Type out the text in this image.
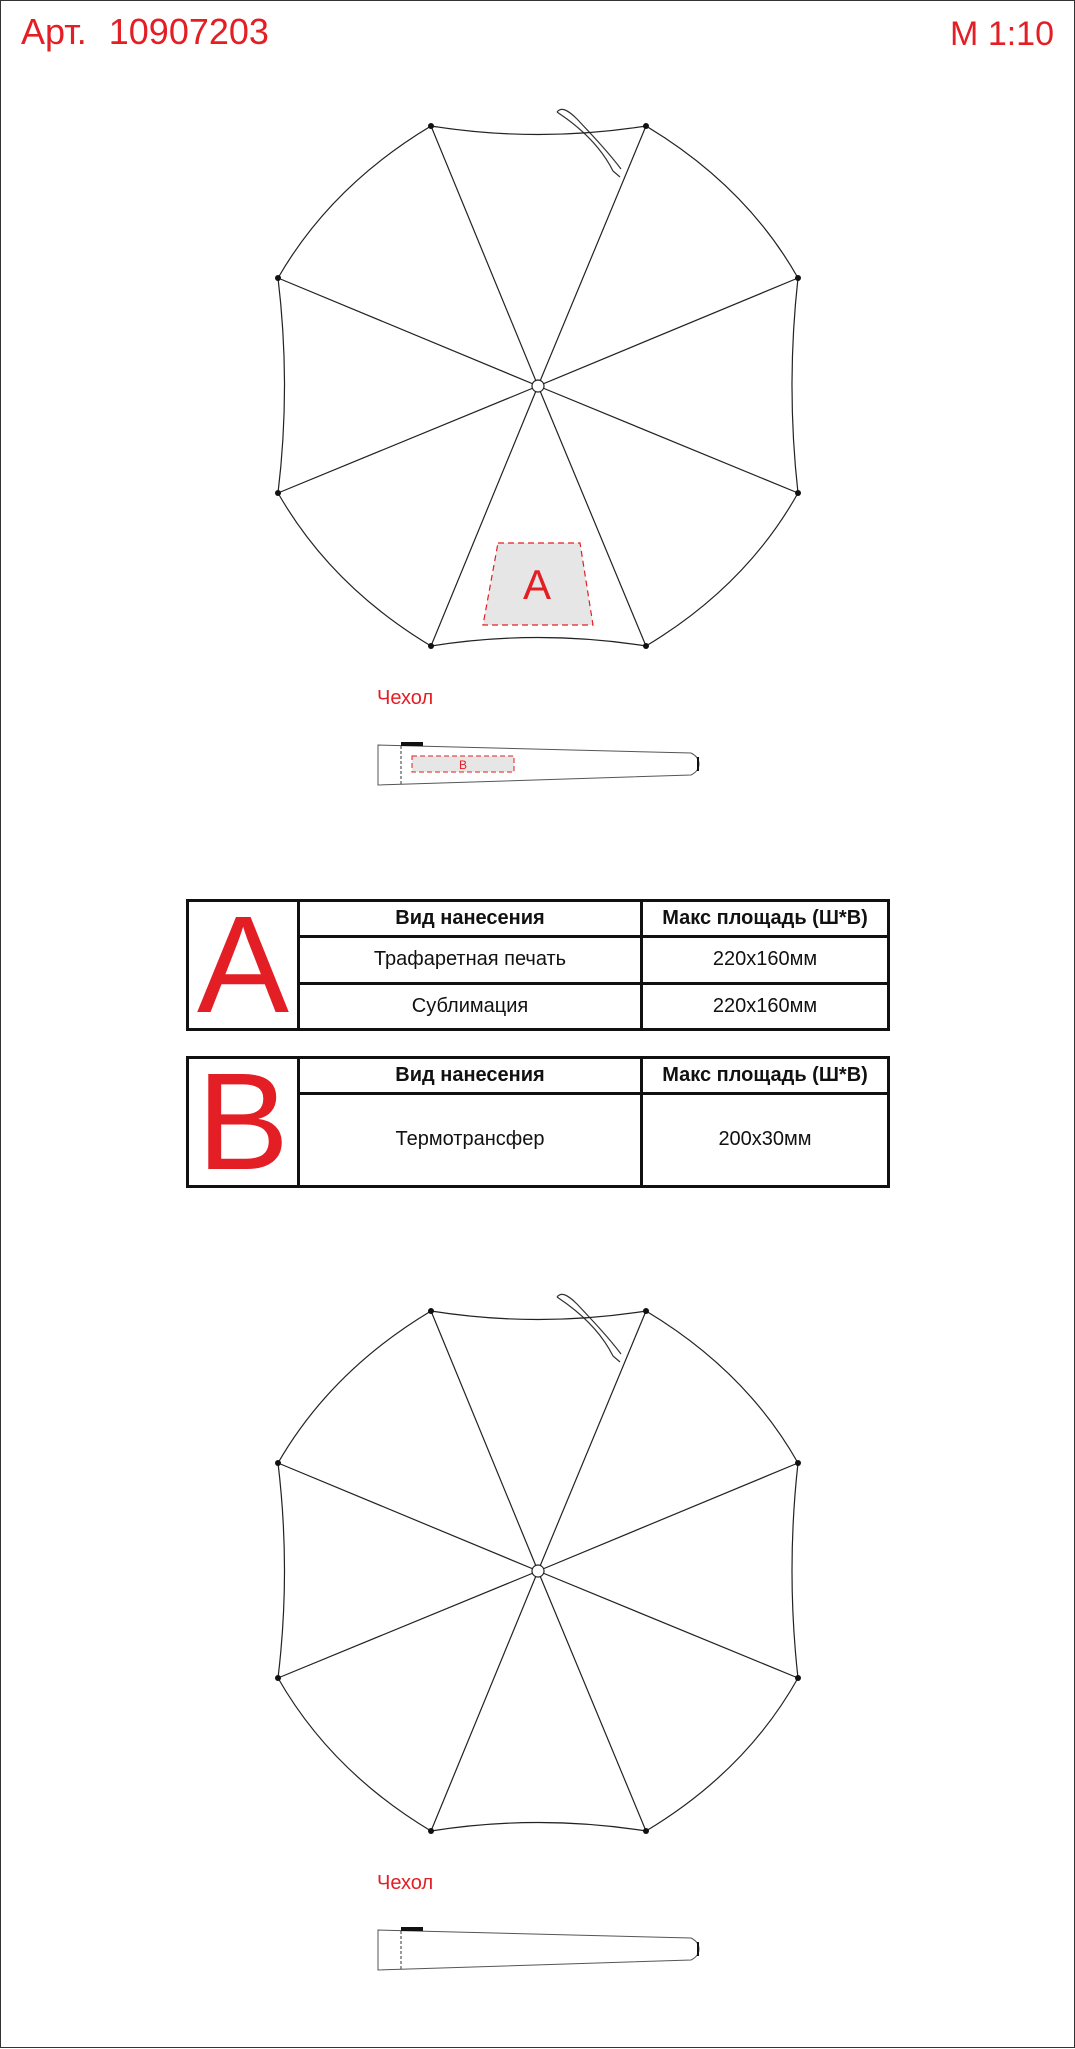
Арт. 10907203	М 1:10
A
Чехол
B
A	Вид нанесения	Макс площадь (Ш*В)
Трафаретная печать	220x160мм
Сублимация	220x160мм
B	Вид нанесения	Макс площадь (Ш*В)
Термотрансфер	200x30мм
Чехол
